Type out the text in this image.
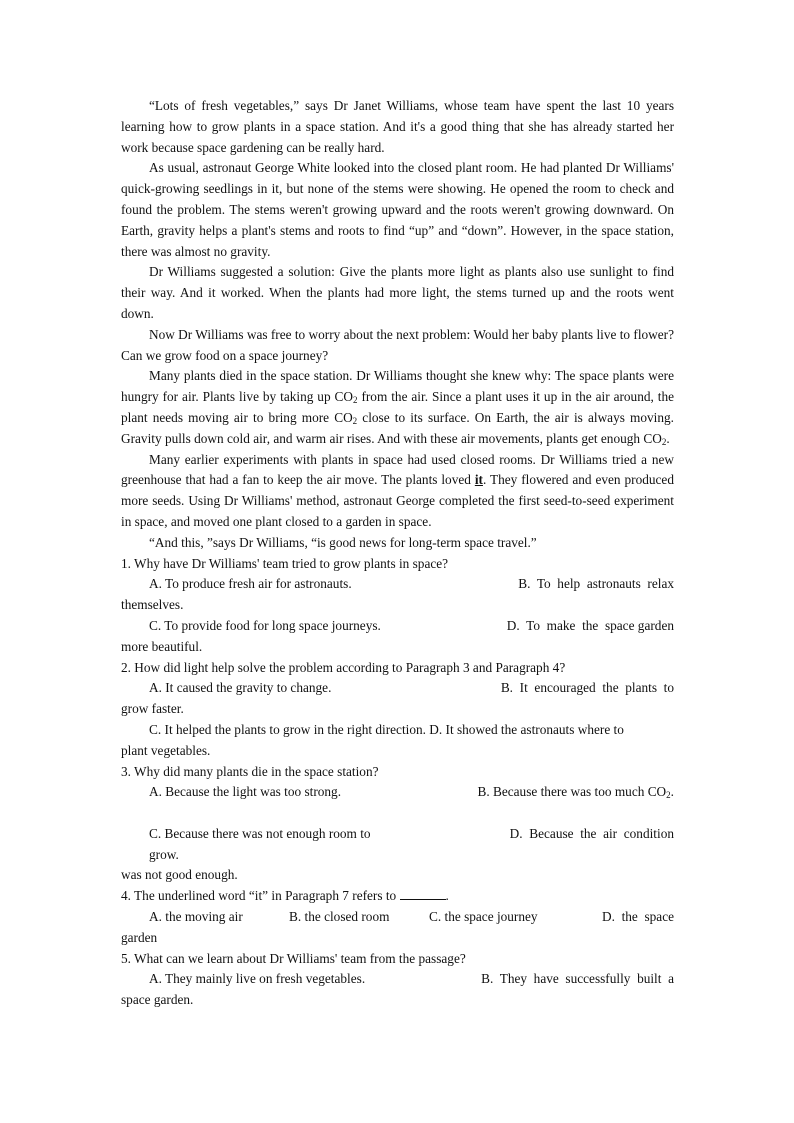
“Lots of fresh vegetables,” says Dr Janet Williams, whose team have spent the last 10 years learning how to grow plants in a space station. And it's a good thing that she has already started her work because space gardening can be really hard.

As usual, astronaut George White looked into the closed plant room. He had planted Dr Williams' quick-growing seedlings in it, but none of the stems were showing. He opened the room to check and found the problem. The stems weren't growing upward and the roots weren't growing downward. On Earth, gravity helps a plant's stems and roots to find “up” and “down”. However, in the space station, there was almost no gravity.

Dr Williams suggested a solution: Give the plants more light as plants also use sunlight to find their way. And it worked. When the plants had more light, the stems turned up and the roots went down.

Now Dr Williams was free to worry about the next problem: Would her baby plants live to flower? Can we grow food on a space journey?

Many plants died in the space station. Dr Williams thought she knew why: The space plants were hungry for air. Plants live by taking up $CO_2$ from the air. Since a plant uses it up in the air around, the plant needs moving air to bring more $CO_2$ close to its surface. On Earth, the air is always moving. Gravity pulls down cold air, and warm air rises. And with these air movements, plants get enough $CO_2$.

Many earlier experiments with plants in space had used closed rooms. Dr Williams tried a new greenhouse that had a fan to keep the air move. The plants loved it. They flowered and even produced more seeds. Using Dr Williams' method, astronaut George completed the first seed-to-seed experiment in space, and moved one plant closed to a garden in space.

“And this, ”says Dr Williams, “is good news for long-term space travel.”

1. Why have Dr Williams' team tried to grow plants in space?

A. To produce fresh air for astronauts.	B.  To  help  astronauts  relax

themselves.

C. To provide food for long space journeys.	D.  To  make  the  space garden

more beautiful.

2. How did light help solve the problem according to Paragraph 3 and Paragraph 4?

A. It caused the gravity to change.	B.  It  encouraged  the  plants  to

grow faster.

C. It helped the plants to grow in the right direction. D. It showed the astronauts where to

plant vegetables.

3. Why did many plants die in the space station?

A. Because the light was too strong.	B. Because there was too much $CO_2$.

C. Because there was not enough room to grow.

D.  Because  the  air  condition

was not good enough.

4. The underlined word “it” in Paragraph 7 refers to	.

A. the moving air	B. the closed room	C. the space journey	D.  the  space

garden

5. What can we learn about Dr Williams' team from the passage?

A. They mainly live on fresh vegetables.	B.  They  have  successfully  built  a

space garden.
